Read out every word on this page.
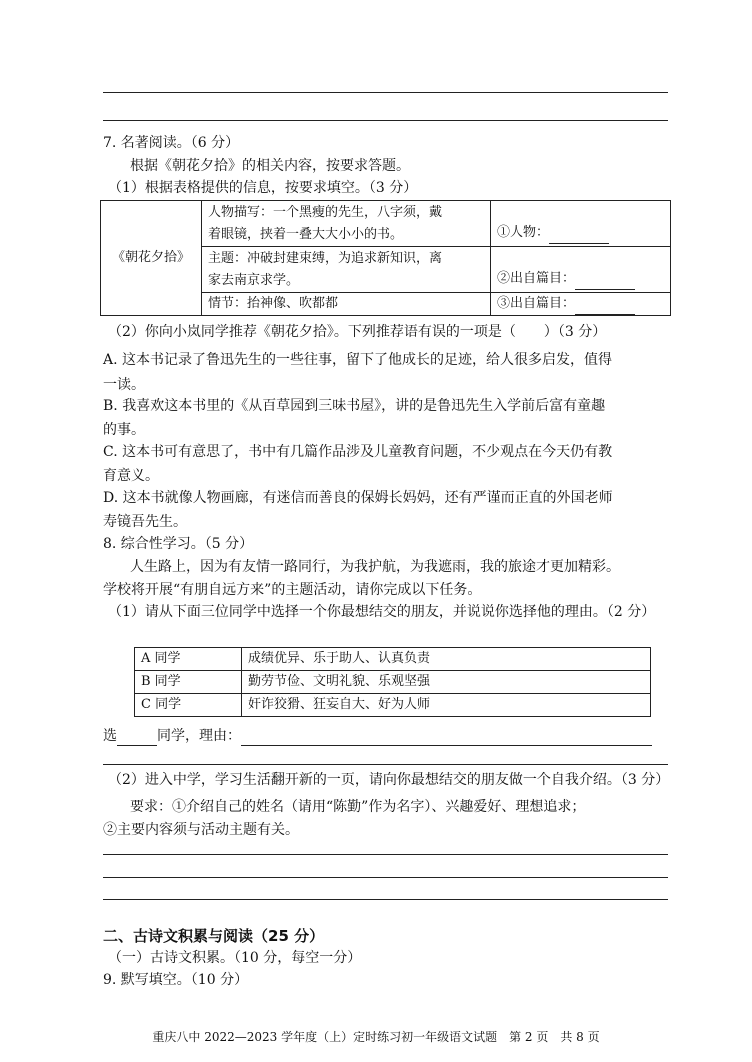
7. 名著阅读。（6 分）
根据《朝花夕拾》的相关内容，按要求答题。
（1）根据表格提供的信息，按要求填空。（3 分）
《朝花夕拾》	人物描写：一个黑瘦的先生，八字须，戴
着眼镜，挟着一叠大大小小的书。	①人物：

	主题：冲破封建束缚，为追求新知识，离
家去南京求学。	②出自篇目：
	情节：抬神像、吹都都	③出自篇目：
（2）你向小岚同学推荐《朝花夕拾》。下列推荐语有误的一项是（　　）（3 分）
A. 这本书记录了鲁迅先生的一些往事，留下了他成长的足迹，给人很多启发，值得
一读。
B. 我喜欢这本书里的《从百草园到三味书屋》，讲的是鲁迅先生入学前后富有童趣
的事。
C. 这本书可有意思了，书中有几篇作品涉及儿童教育问题，不少观点在今天仍有教
育意义。
D. 这本书就像人物画廊，有迷信而善良的保姆长妈妈，还有严谨而正直的外国老师
寿镜吾先生。
8. 综合性学习。（5 分）
人生路上，因为有友情一路同行，为我护航，为我遮雨，我的旅途才更加精彩。
学校将开展“有朋自远方来”的主题活动，请你完成以下任务。
（1）请从下面三位同学中选择一个你最想结交的朋友，并说说你选择他的理由。（2 分）
A 同学	成绩优异、乐于助人、认真负责
B 同学	勤劳节俭、文明礼貌、乐观坚强
C 同学	奸诈狡猾、狂妄自大、好为人师
选	同学，理由：
（2）进入中学，学习生活翻开新的一页，请向你最想结交的朋友做一个自我介绍。（3 分）
要求：①介绍自己的姓名（请用“陈勤”作为名字）、兴趣爱好、理想追求；
②主要内容须与活动主题有关。
二、古诗文积累与阅读（25 分）
（一）古诗文积累。（10 分，每空一分）
9. 默写填空。（10 分）
重庆八中 2022—2023 学年度（上）定时练习初一年级语文试题　第 2 页　共 8 页
